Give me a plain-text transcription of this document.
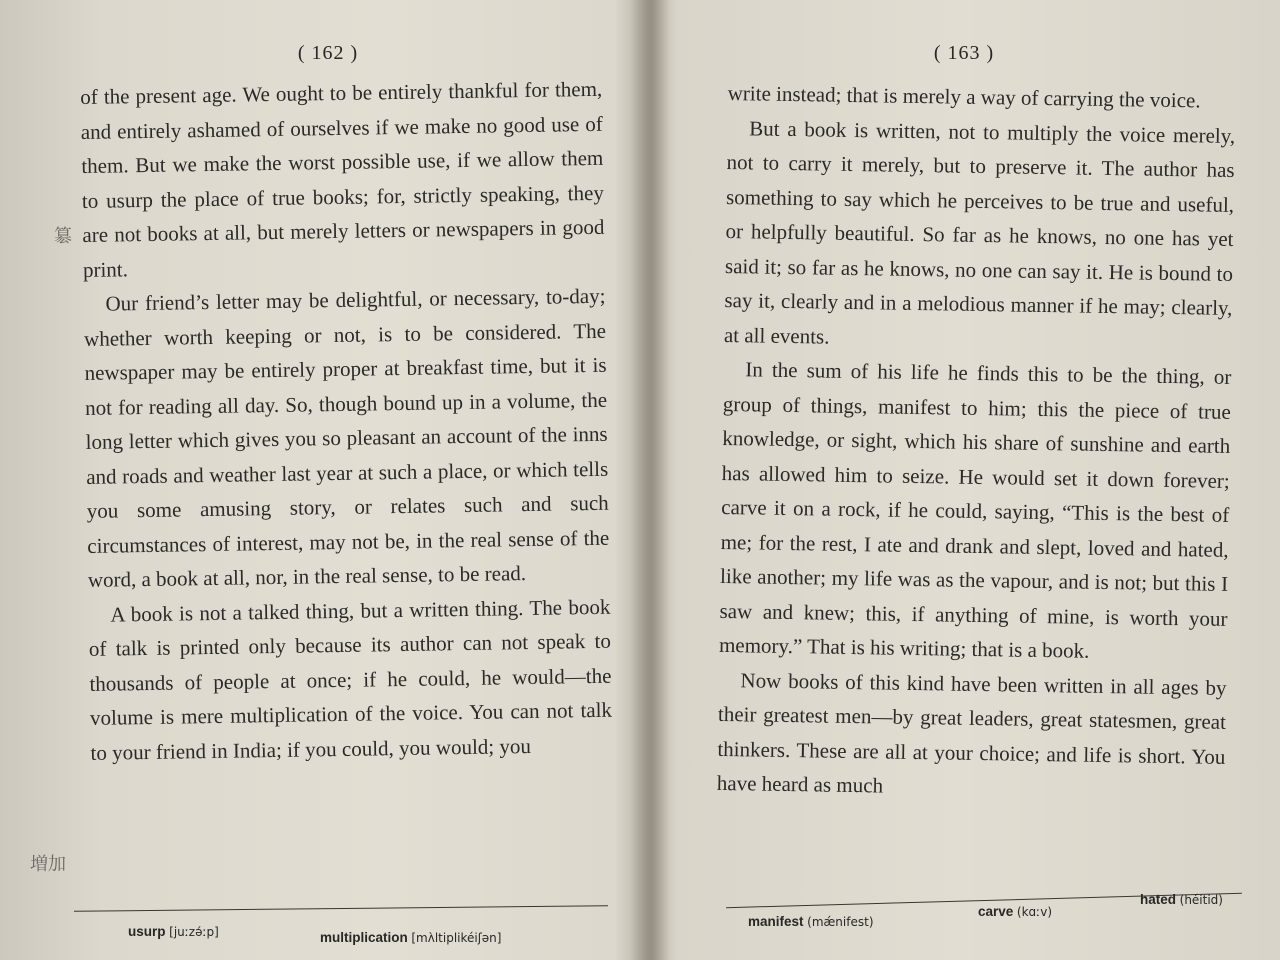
( 162 )

of the present age. We ought to be entirely thankful for them, and entirely ashamed of ourselves if we make no good use of them. But we make the worst possible use, if we allow them to usurp the place of true books; for, strictly speaking, they are not books at all, but merely letters or newspapers in good print.

Our friend’s letter may be delightful, or necessary, to-day; whether worth keeping or not, is to be considered. The newspaper may be entirely proper at breakfast time, but it is not for reading all day. So, though bound up in a volume, the long letter which gives you so pleasant an account of the inns and roads and weather last year at such a place, or which tells you some amusing story, or relates such and such circumstances of interest, may not be, in the real sense of the word, a book at all, nor, in the real sense, to be read.

A book is not a talked thing, but a written thing. The book of talk is printed only because its author can not speak to thousands of people at once; if he could, he would—the volume is mere multiplication of the voice. You can not talk to your friend in India; if you could, you would; you

簒
増加
usurp [juːzə́ːp]	multiplication [mʌ̀ltiplikéiʃən]
( 163 )

write instead; that is merely a way of carrying the voice.

But a book is written, not to multiply the voice merely, not to carry it merely, but to preserve it. The author has something to say which he perceives to be true and useful, or helpfully beautiful. So far as he knows, no one has yet said it; so far as he knows, no one can say it. He is bound to say it, clearly and in a melodious manner if he may; clearly, at all events.

In the sum of his life he finds this to be the thing, or group of things, manifest to him; this the piece of true knowledge, or sight, which his share of sunshine and earth has allowed him to seize. He would set it down forever; carve it on a rock, if he could, saying, “This is the best of me; for the rest, I ate and drank and slept, loved and hated, like another; my life was as the vapour, and is not; but this I saw and knew; this, if anything of mine, is worth your memory.” That is his writing; that is a book.

Now books of this kind have been written in all ages by their greatest men—by great leaders, great statesmen, great thinkers. These are all at your choice; and life is short. You have heard as much

manifest (mǽnifest)
carve (kɑːv)
hated (héitid)
